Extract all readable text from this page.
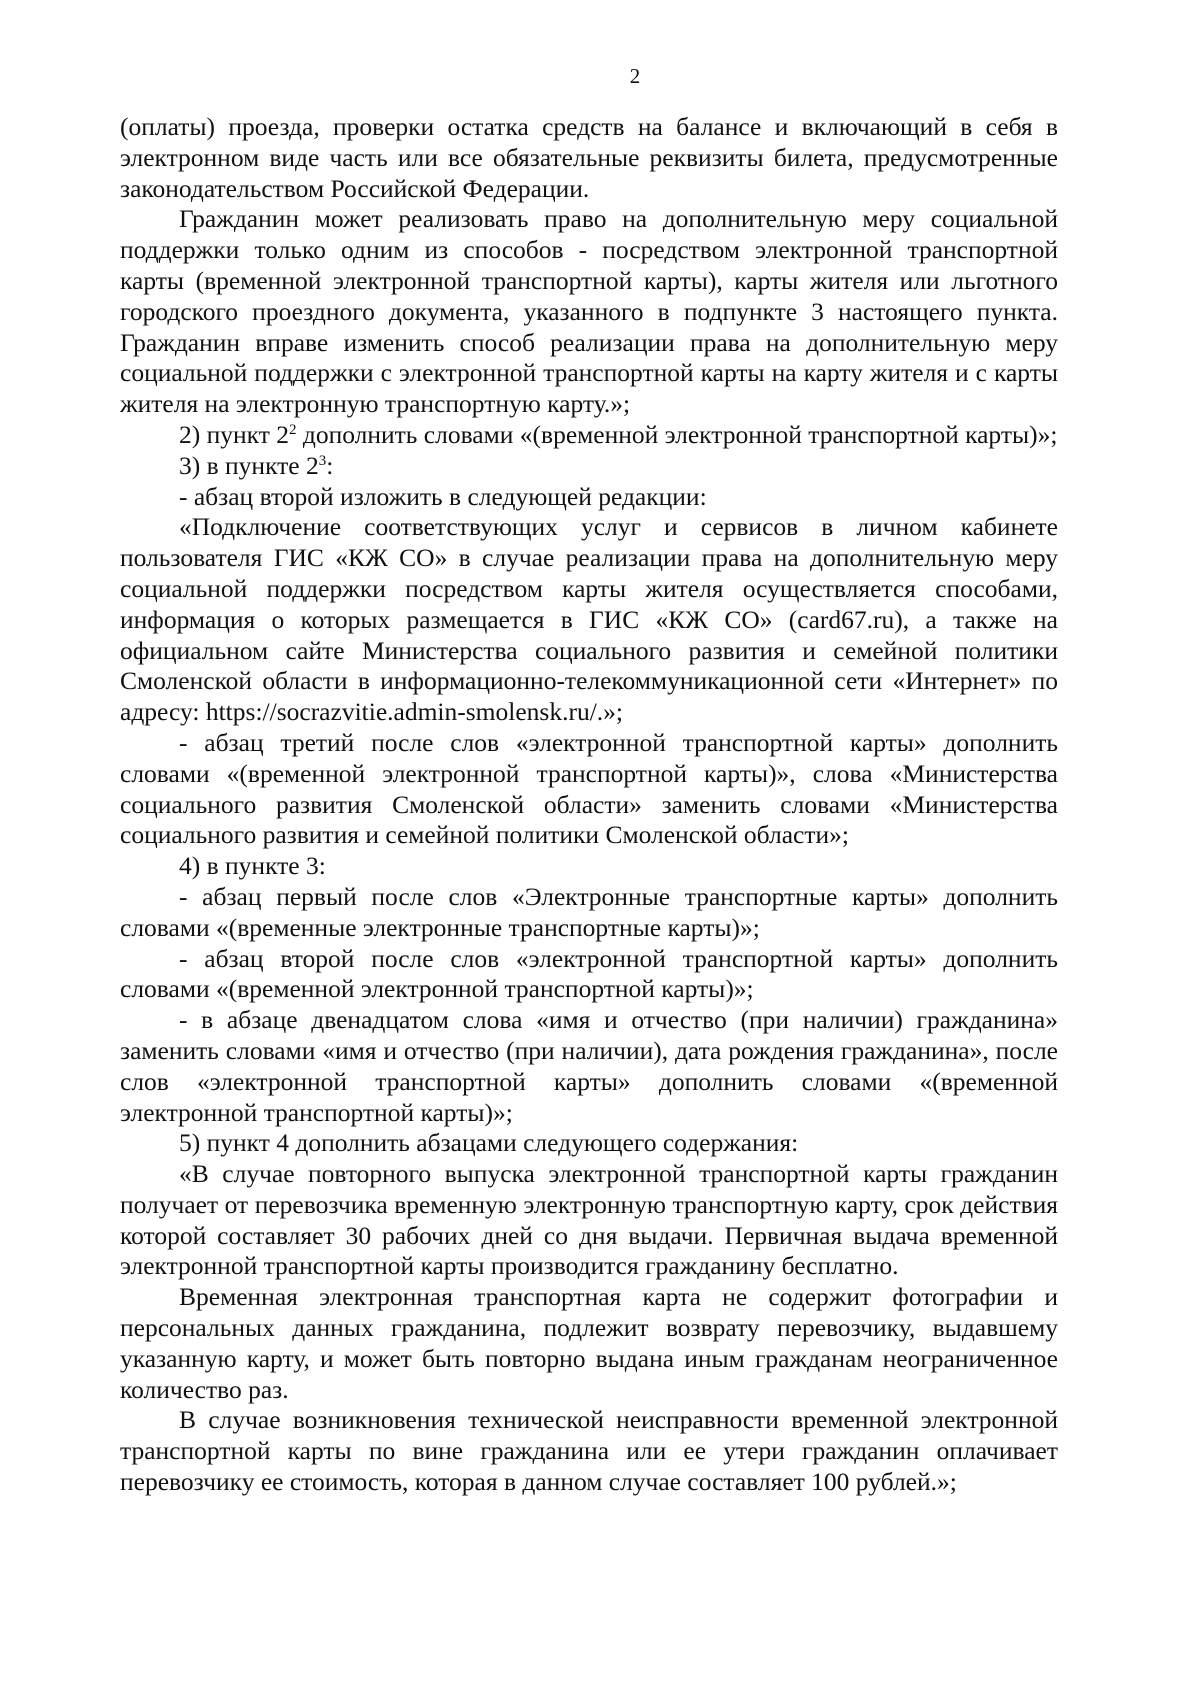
2

(оплаты) проезда, проверки остатка средств на балансе и включающий в себя в электронном виде часть или все обязательные реквизиты билета, предусмотренные законодательством Российской Федерации.

Гражданин может реализовать право на дополнительную меру социальной поддержки только одним из способов - посредством электронной транспортной карты (временной электронной транспортной карты), карты жителя или льготного городского проездного документа, указанного в подпункте 3 настоящего пункта. Гражданин вправе изменить способ реализации права на дополнительную меру социальной поддержки с электронной транспортной карты на карту жителя и с карты жителя на электронную транспортную карту.»;

2) пункт $2^2$ дополнить словами «(временной электронной транспортной карты)»;

3) в пункте $2^3$:

- абзац второй изложить в следующей редакции:

«Подключение соответствующих услуг и сервисов в личном кабинете пользователя ГИС «КЖ СО» в случае реализации права на дополнительную меру социальной поддержки посредством карты жителя осуществляется способами, информация о которых размещается в ГИС «КЖ СО» (card67.ru), а также на официальном сайте Министерства социального развития и семейной политики Смоленской области в информационно-телекоммуникационной сети «Интернет» по адресу: https://socrazvitie.admin-smolensk.ru/.»;

- абзац третий после слов «электронной транспортной карты» дополнить словами «(временной электронной транспортной карты)», слова «Министерства социального развития Смоленской области» заменить словами «Министерства социального развития и семейной политики Смоленской области»;

4) в пункте 3:

- абзац первый после слов «Электронные транспортные карты» дополнить словами «(временные электронные транспортные карты)»;

- абзац второй после слов «электронной транспортной карты» дополнить словами «(временной электронной транспортной карты)»;

- в абзаце двенадцатом слова «имя и отчество (при наличии) гражданина» заменить словами «имя и отчество (при наличии), дата рождения гражданина», после слов «электронной транспортной карты» дополнить словами «(временной электронной транспортной карты)»;

5) пункт 4 дополнить абзацами следующего содержания:

«В случае повторного выпуска электронной транспортной карты гражданин получает от перевозчика временную электронную транспортную карту, срок действия которой составляет 30 рабочих дней со дня выдачи. Первичная выдача временной электронной транспортной карты производится гражданину бесплатно.

Временная электронная транспортная карта не содержит фотографии и персональных данных гражданина, подлежит возврату перевозчику, выдавшему указанную карту, и может быть повторно выдана иным гражданам неограниченное количество раз.

В случае возникновения технической неисправности временной электронной транспортной карты по вине гражданина или ее утери гражданин оплачивает перевозчику ее стоимость, которая в данном случае составляет 100 рублей.»;
